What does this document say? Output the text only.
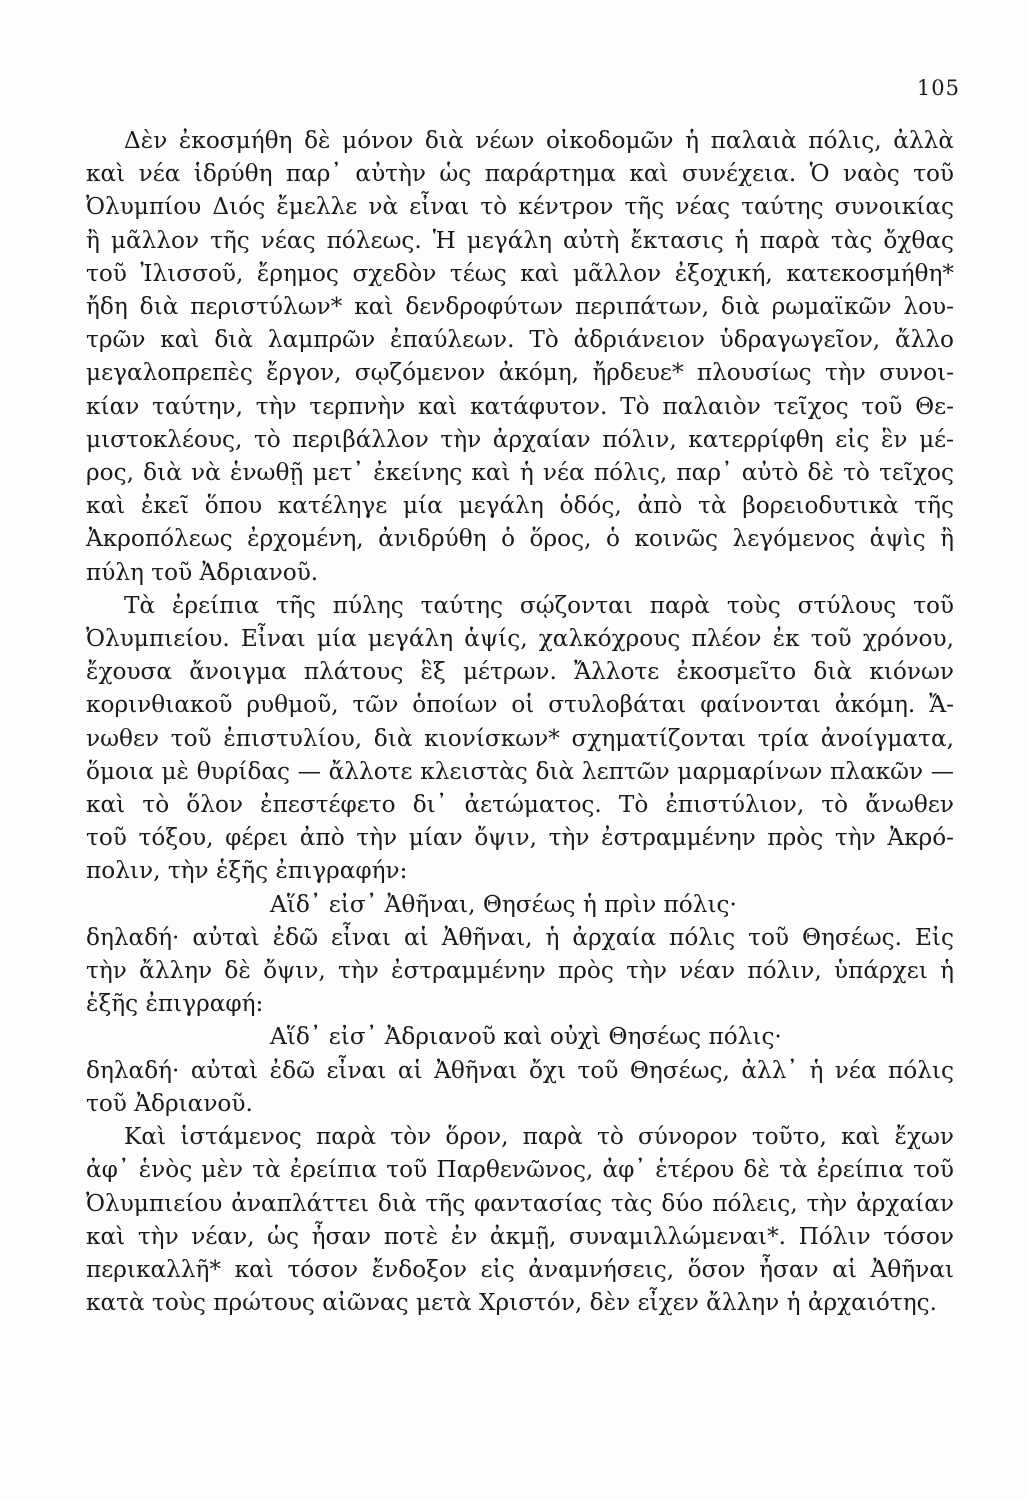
105
Δὲν ἐκοσμήθη δὲ μόνον διὰ νέων οἰκοδομῶν ἡ παλαιὰ πόλις, ἀλλὰ
καὶ νέα ἱδρύθη παρ᾽ αὐτὴν ὡς παράρτημα καὶ συνέχεια. Ὁ ναὸς τοῦ
Ὀλυμπίου Διός ἔμελλε νὰ εἶναι τὸ κέντρον τῆς νέας ταύτης συνοικίας
ἢ μᾶλλον τῆς νέας πόλεως. Ἡ μεγάλη αὐτὴ ἔκτασις ἡ παρὰ τὰς ὄχθας
τοῦ Ἰλισσοῦ, ἔρημος σχεδὸν τέως καὶ μᾶλλον ἐξοχική, κατεκοσμήθη*
ἤδη διὰ περιστύλων* καὶ δενδροφύτων περιπάτων, διὰ ρωμαϊκῶν λου-
τρῶν καὶ διὰ λαμπρῶν ἐπαύλεων. Τὸ ἀδριάνειον ὑδραγωγεῖον, ἄλλο
μεγαλοπρεπὲς ἔργον, σῳζόμενον ἀκόμη, ἤρδευε* πλουσίως τὴν συνοι-
κίαν ταύτην, τὴν τερπνὴν καὶ κατάφυτον. Τὸ παλαιὸν τεῖχος τοῦ Θε-
μιστοκλέους, τὸ περιβάλλον τὴν ἀρχαίαν πόλιν, κατερρίφθη εἰς ἓν μέ-
ρος, διὰ νὰ ἑνωθῇ μετ᾽ ἐκείνης καὶ ἡ νέα πόλις, παρ᾽ αὐτὸ δὲ τὸ τεῖχος
καὶ ἐκεῖ ὅπου κατέληγε μία μεγάλη ὁδός, ἀπὸ τὰ βορειοδυτικὰ τῆς
Ἀκροπόλεως ἐρχομένη, ἀνιδρύθη ὁ ὅρος, ὁ κοινῶς λεγόμενος ἁψὶς ἢ
πύλη τοῦ Ἀδριανοῦ.
Τὰ ἐρείπια τῆς πύλης ταύτης σῴζονται παρὰ τοὺς στύλους τοῦ
Ὀλυμπιείου. Εἶναι μία μεγάλη ἁψίς, χαλκόχρους πλέον ἐκ τοῦ χρόνου,
ἔχουσα ἄνοιγμα πλάτους ἓξ μέτρων. Ἄλλοτε ἐκοσμεῖτο διὰ κιόνων
κορινθιακοῦ ρυθμοῦ, τῶν ὁποίων οἱ στυλοβάται φαίνονται ἀκόμη. Ἄ-
νωθεν τοῦ ἐπιστυλίου, διὰ κιονίσκων* σχηματίζονται τρία ἀνοίγματα,
ὅμοια μὲ θυρίδας — ἄλλοτε κλειστὰς διὰ λεπτῶν μαρμαρίνων πλακῶν —
καὶ τὸ ὅλον ἐπεστέφετο δι᾽ ἀετώματος. Τὸ ἐπιστύλιον, τὸ ἄνωθεν
τοῦ τόξου, φέρει ἀπὸ τὴν μίαν ὄψιν, τὴν ἐστραμμένην πρὸς τὴν Ἀκρό-
πολιν, τὴν ἑξῆς ἐπιγραφήν:
Αἵδ᾽ εἰσ᾽ Ἀθῆναι, Θησέως ἡ πρὶν πόλις·
δηλαδή· αὐταὶ ἐδῶ εἶναι αἱ Ἀθῆναι, ἡ ἀρχαία πόλις τοῦ Θησέως. Εἰς
τὴν ἄλλην δὲ ὄψιν, τὴν ἐστραμμένην πρὸς τὴν νέαν πόλιν, ὑπάρχει ἡ
ἑξῆς ἐπιγραφή:
Αἵδ᾽ εἰσ᾽ Ἀδριανοῦ καὶ οὐχὶ Θησέως πόλις·
δηλαδή· αὐταὶ ἐδῶ εἶναι αἱ Ἀθῆναι ὄχι τοῦ Θησέως, ἀλλ᾽ ἡ νέα πόλις
τοῦ Ἀδριανοῦ.
Καὶ ἱστάμενος παρὰ τὸν ὅρον, παρὰ τὸ σύνορον τοῦτο, καὶ ἔχων
ἀφ᾽ ἑνὸς μὲν τὰ ἐρείπια τοῦ Παρθενῶνος, ἀφ᾽ ἑτέρου δὲ τὰ ἐρείπια τοῦ
Ὀλυμπιείου ἀναπλάττει διὰ τῆς φαντασίας τὰς δύο πόλεις, τὴν ἀρχαίαν
καὶ τὴν νέαν, ὡς ἦσαν ποτὲ ἐν ἀκμῇ, συναμιλλώμεναι*. Πόλιν τόσον
περικαλλῆ* καὶ τόσον ἔνδοξον εἰς ἀναμνήσεις, ὅσον ἦσαν αἱ Ἀθῆναι
κατὰ τοὺς πρώτους αἰῶνας μετὰ Χριστόν, δὲν εἶχεν ἄλλην ἡ ἀρχαιότης.
